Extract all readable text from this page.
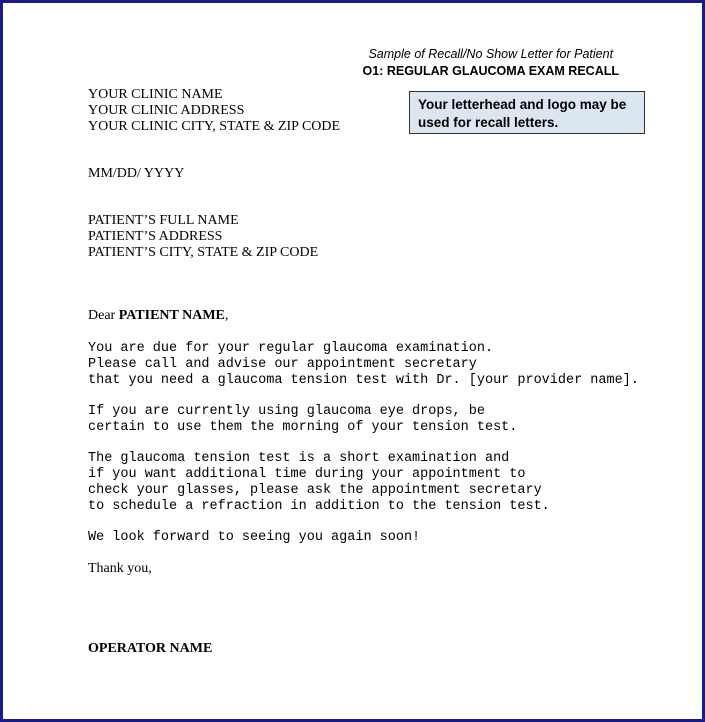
Sample of Recall/No Show Letter for Patient
O1: REGULAR GLAUCOMA EXAM RECALL
Your letterhead and logo may be
used for recall letters.
YOUR CLINIC NAME
YOUR CLINIC ADDRESS
YOUR CLINIC CITY, STATE & ZIP CODE
MM/DD/ YYYY
PATIENT’S FULL NAME
PATIENT’S ADDRESS
PATIENT’S CITY, STATE & ZIP CODE
Dear PATIENT NAME,
You are due for your regular glaucoma examination.
Please call and advise our appointment secretary
that you need a glaucoma tension test with Dr. [your provider name].
If you are currently using glaucoma eye drops, be
certain to use them the morning of your tension test.
The glaucoma tension test is a short examination and
if you want additional time during your appointment to
check your glasses, please ask the appointment secretary
to schedule a refraction in addition to the tension test.
We look forward to seeing you again soon!
Thank you,
OPERATOR NAME
